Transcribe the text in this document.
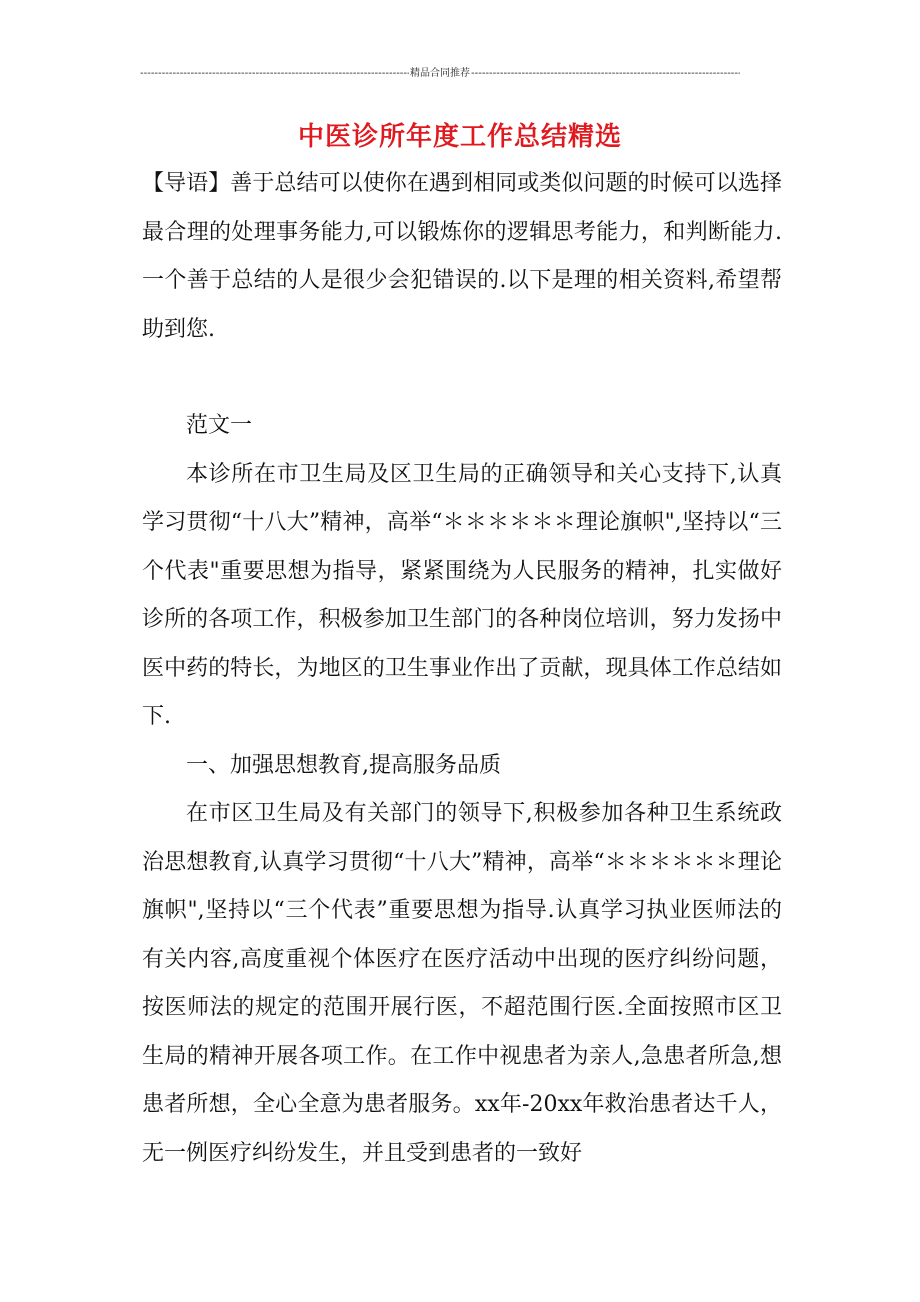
-----
精品合同推荐
-----
中医诊所年度工作总结精选

【导语】善于总结可以使你在遇到相同或类似问题的时候可以选择最合理的处理事务能力,可以锻炼你的逻辑思考能力，和判断能力.一个善于总结的人是很少会犯错误的.以下是理的相关资料,希望帮助到您.

范文一

本诊所在市卫生局及区卫生局的正确领导和关心支持下,认真学习贯彻“十八大”精神，高举“＊＊＊＊＊＊理论旗帜",坚持以“三个代表"重要思想为指导，紧紧围绕为人民服务的精神，扎实做好诊所的各项工作，积极参加卫生部门的各种岗位培训，努力发扬中医中药的特长，为地区的卫生事业作出了贡献，现具体工作总结如下.

一、加强思想教育,提高服务品质

在市区卫生局及有关部门的领导下,积极参加各种卫生系统政治思想教育,认真学习贯彻“十八大”精神，高举“＊＊＊＊＊＊理论旗帜",坚持以“三个代表”重要思想为指导.认真学习执业医师法的有关内容,高度重视个体医疗在医疗活动中出现的医疗纠纷问题，按医师法的规定的范围开展行医，不超范围行医.全面按照市区卫生局的精神开展各项工作。在工作中视患者为亲人,急患者所急,想患者所想，全心全意为患者服务。xx年-20xx年救治患者达千人，无一例医疗纠纷发生，并且受到患者的一致好
